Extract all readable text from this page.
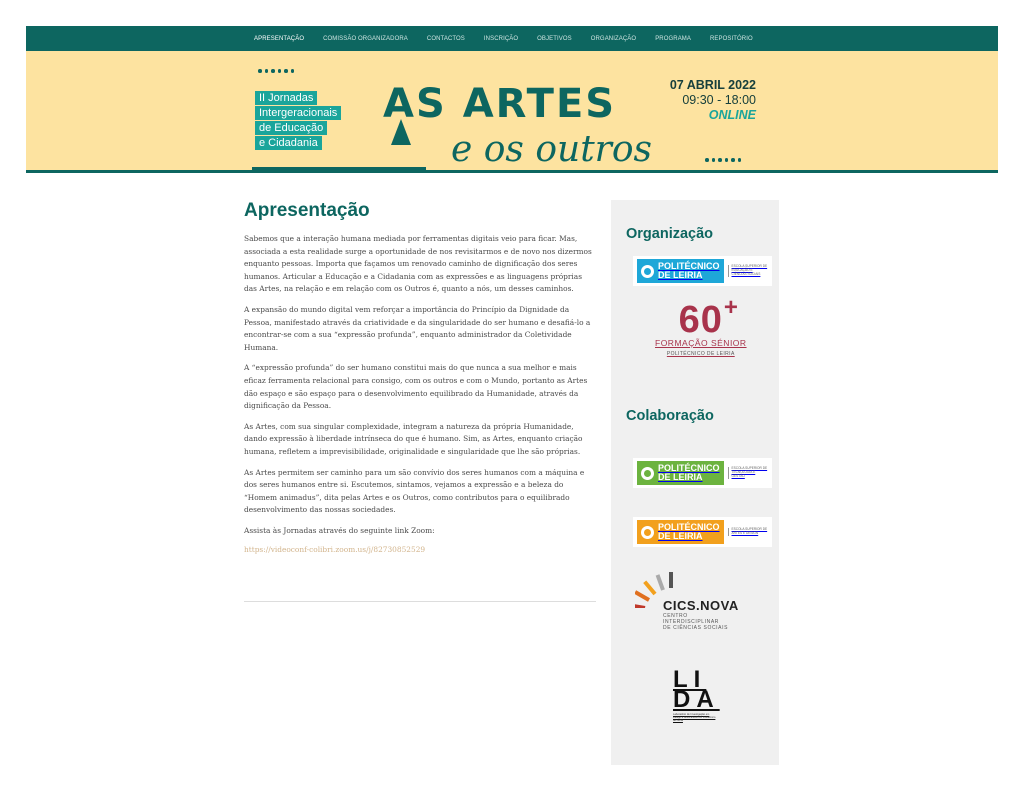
APRESENTAÇÃO	COMISSÃO ORGANIZADORA	CONTACTOS	INSCRIÇÃO	OBJETIVOS	ORGANIZAÇÃO	PROGRAMA	REPOSITÓRIO
II Jornadas
Intergeracionais
de Educação
e Cidadania
AS ARTES
e os outros
07 ABRIL 2022
09:30 - 18:00
ONLINE
Apresentação

Sabemos que a interação humana mediada por ferramentas digitais veio para ficar. Mas, associada a esta realidade surge a oportunidade de nos revisitarmos e de novo nos dizermos enquanto pessoas. Importa que façamos um renovado caminho de dignificação dos seres humanos. Articular a Educação e a Cidadania com as expressões e as linguagens próprias das Artes, na relação e em relação com os Outros é, quanto a nós, um desses caminhos.

A expansão do mundo digital vem reforçar a importância do Princípio da Dignidade da Pessoa, manifestado através da criatividade e da singularidade do ser humano e desafiá-lo a encontrar-se com a sua “expressão profunda”, enquanto administrador da Coletividade Humana.

A “expressão profunda” do ser humano constitui mais do que nunca a sua melhor e mais eficaz ferramenta relacional para consigo, com os outros e com o Mundo, portanto as Artes dão espaço e são espaço para o desenvolvimento equilibrado da Humanidade, através da dignificação da Pessoa.

As Artes, com sua singular complexidade, integram a natureza da própria Humanidade, dando expressão à liberdade intrínseca do que é humano. Sim, as Artes, enquanto criação humana, refletem a imprevisibilidade, originalidade e singularidade que lhe são próprias.

As Artes permitem ser caminho para um são convívio dos seres humanos com a máquina e dos seres humanos entre si. Escutemos, sintamos, vejamos a expressão e a beleza do “Homem animadus”, dita pelas Artes e os Outros, como contributos para o equilibrado desenvolvimento das nossas sociedades.

Assista às Jornadas através do seguinte link Zoom:

https://videoconf-colibri.zoom.us/j/82730852529
Organização
POLITÉCNICO
DE LEIRIA
ESCOLA SUPERIOR DE EDUCAÇÃO E CIÊNCIAS SOCIAIS
60 +
FORMAÇÃO SÉNIOR
POLITÉCNICO DE LEIRIA
Colaboração
POLITÉCNICO
DE LEIRIA
ESCOLA SUPERIOR DE TECNOLOGIA E GESTÃO
POLITÉCNICO
DE LEIRIA
ESCOLA SUPERIOR DE ARTES E DESIGN
CICS.NOVA
CENTRO INTERDISCIPLINAR
DE CIÊNCIAS SOCIAIS
LI
DA
Laboratório de Investigação em Design e Artes ESAD.CR Politécnico de Leiria
